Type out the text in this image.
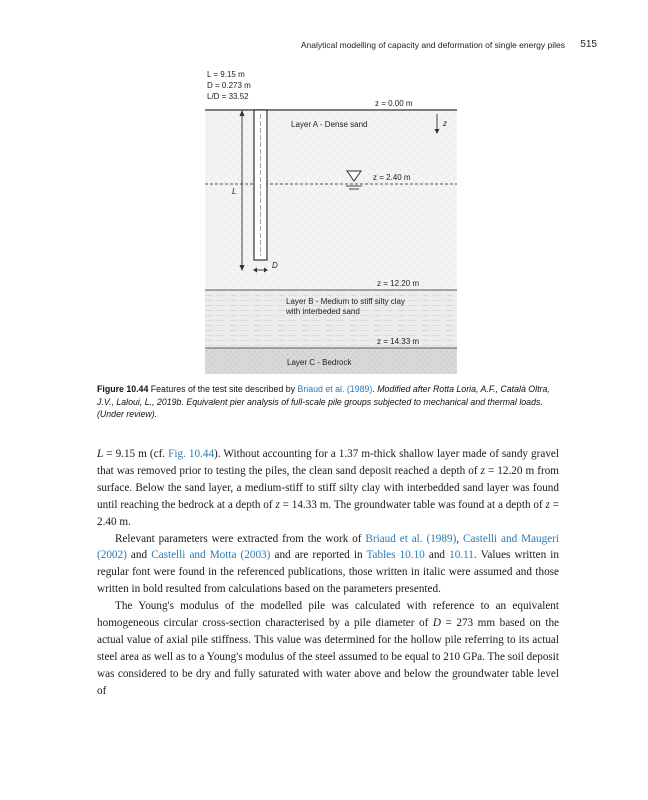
Analytical modelling of capacity and deformation of single energy piles 515
L = 9.15 m
D = 0.273 m
L/D = 33.52
z = 0.00 m
z = 2.40 m
z = 12.20 m
z = 14.33 m
Layer A - Dense sand
Layer B - Medium to stiff silty clay
with interbeded sand
Layer C - Bedrock
z
L
D
Figure 10.44 Features of the test site described by Briaud et al. (1989). Modified after Rotta Loria, A.F., Català Oltra, J.V., Laloui, L., 2019b. Equivalent pier analysis of full-scale pile groups subjected to mechanical and thermal loads. (Under review).

L = 9.15 m (cf. Fig. 10.44). Without accounting for a 1.37 m-thick shallow layer made of sandy gravel that was removed prior to testing the piles, the clean sand deposit reached a depth of z = 12.20 m from surface. Below the sand layer, a medium-stiff to stiff silty clay with interbedded sand layer was found until reaching the bedrock at a depth of z = 14.33 m. The groundwater table was found at a depth of z = 2.40 m.

Relevant parameters were extracted from the work of Briaud et al. (1989), Castelli and Maugeri (2002) and Castelli and Motta (2003) and are reported in Tables 10.10 and 10.11. Values written in regular font were found in the referenced publications, those written in italic were assumed and those written in bold resulted from calculations based on the parameters presented.

The Young's modulus of the modelled pile was calculated with reference to an equivalent homogeneous circular cross-section characterised by a pile diameter of D = 273 mm based on the actual value of axial pile stiffness. This value was determined for the hollow pile referring to its actual steel area as well as to a Young's modulus of the steel assumed to be equal to 210 GPa. The soil deposit was considered to be dry and fully saturated with water above and below the groundwater table level of
